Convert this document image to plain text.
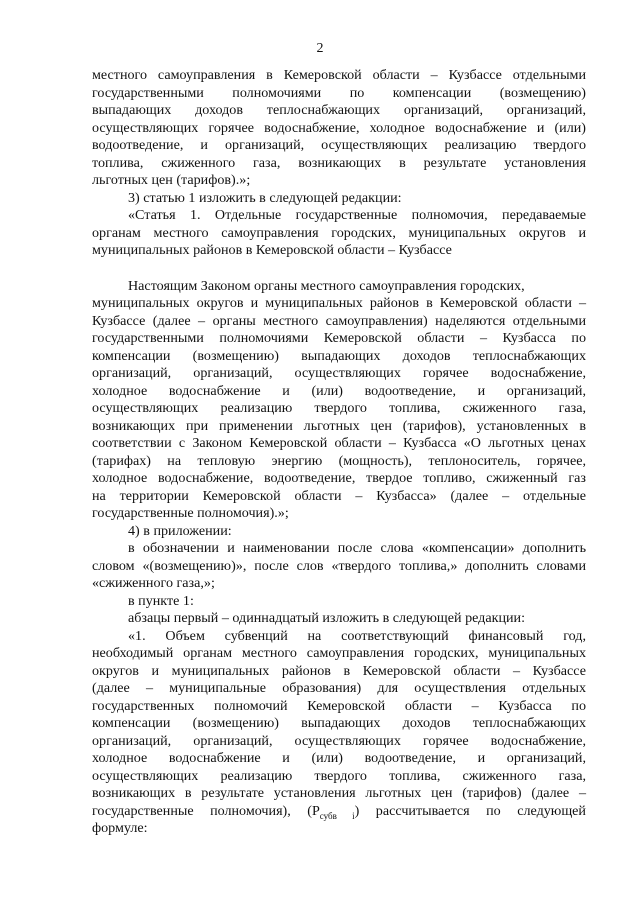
2

местного самоуправления в Кемеровской области – Кузбассе отдельными

государственными полномочиями по компенсации (возмещению)

выпадающих доходов теплоснабжающих организаций, организаций,

осуществляющих горячее водоснабжение, холодное водоснабжение и (или)

водоотведение, и организаций, осуществляющих реализацию твердого

топлива, сжиженного газа, возникающих в результате установления

льготных цен (тарифов).»;

3) статью 1 изложить в следующей редакции:

«Статья 1. Отдельные государственные полномочия, передаваемые

органам местного самоуправления городских, муниципальных округов и

муниципальных районов в Кемеровской области – Кузбассе

Настоящим Законом органы местного самоуправления городских,

муниципальных округов и муниципальных районов в Кемеровской области –

Кузбассе (далее – органы местного самоуправления) наделяются отдельными

государственными полномочиями Кемеровской области – Кузбасса по

компенсации (возмещению) выпадающих доходов теплоснабжающих

организаций, организаций, осуществляющих горячее водоснабжение,

холодное водоснабжение и (или) водоотведение, и организаций,

осуществляющих реализацию твердого топлива, сжиженного газа,

возникающих при применении льготных цен (тарифов), установленных в

соответствии с Законом Кемеровской области – Кузбасса «О льготных ценах

(тарифах) на тепловую энергию (мощность), теплоноситель, горячее,

холодное водоснабжение, водоотведение, твердое топливо, сжиженный газ

на территории Кемеровской области – Кузбасса» (далее – отдельные

государственные полномочия).»;

4) в приложении:

в обозначении и наименовании после слова «компенсации» дополнить

словом «(возмещению)», после слов «твердого топлива,» дополнить словами

«сжиженного газа,»;

в пункте 1:

абзацы первый – одиннадцатый изложить в следующей редакции:

«1. Объем субвенций на соответствующий финансовый год,

необходимый органам местного самоуправления городских, муниципальных

округов и муниципальных районов в Кемеровской области – Кузбассе

(далее – муниципальные образования) для осуществления отдельных

государственных полномочий Кемеровской области – Кузбасса по

компенсации (возмещению) выпадающих доходов теплоснабжающих

организаций, организаций, осуществляющих горячее водоснабжение,

холодное водоснабжение и (или) водоотведение, и организаций,

осуществляющих реализацию твердого топлива, сжиженного газа,

возникающих в результате установления льготных цен (тарифов) (далее –

государственные полномочия), $(Р_{субв i})$ рассчитывается по следующей

формуле:
